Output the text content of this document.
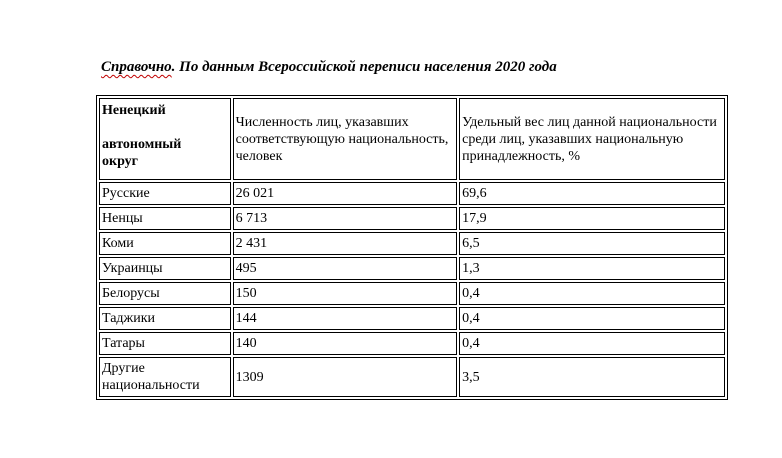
Справочно. По данным Всероссийской переписи населения 2020 года
Ненецкий
автономный
округ	Численность лиц, указавших соответствующую национальность, человек	Удельный вес лиц данной национальности среди лиц, указавших национальную принадлежность, %
Русские	26 021	69,6
Ненцы	6 713	17,9
Коми	2 431	6,5
Украинцы	495	1,3
Белорусы	150	0,4
Таджики	144	0,4
Татары	140	0,4
Другие национальности	1309	3,5
